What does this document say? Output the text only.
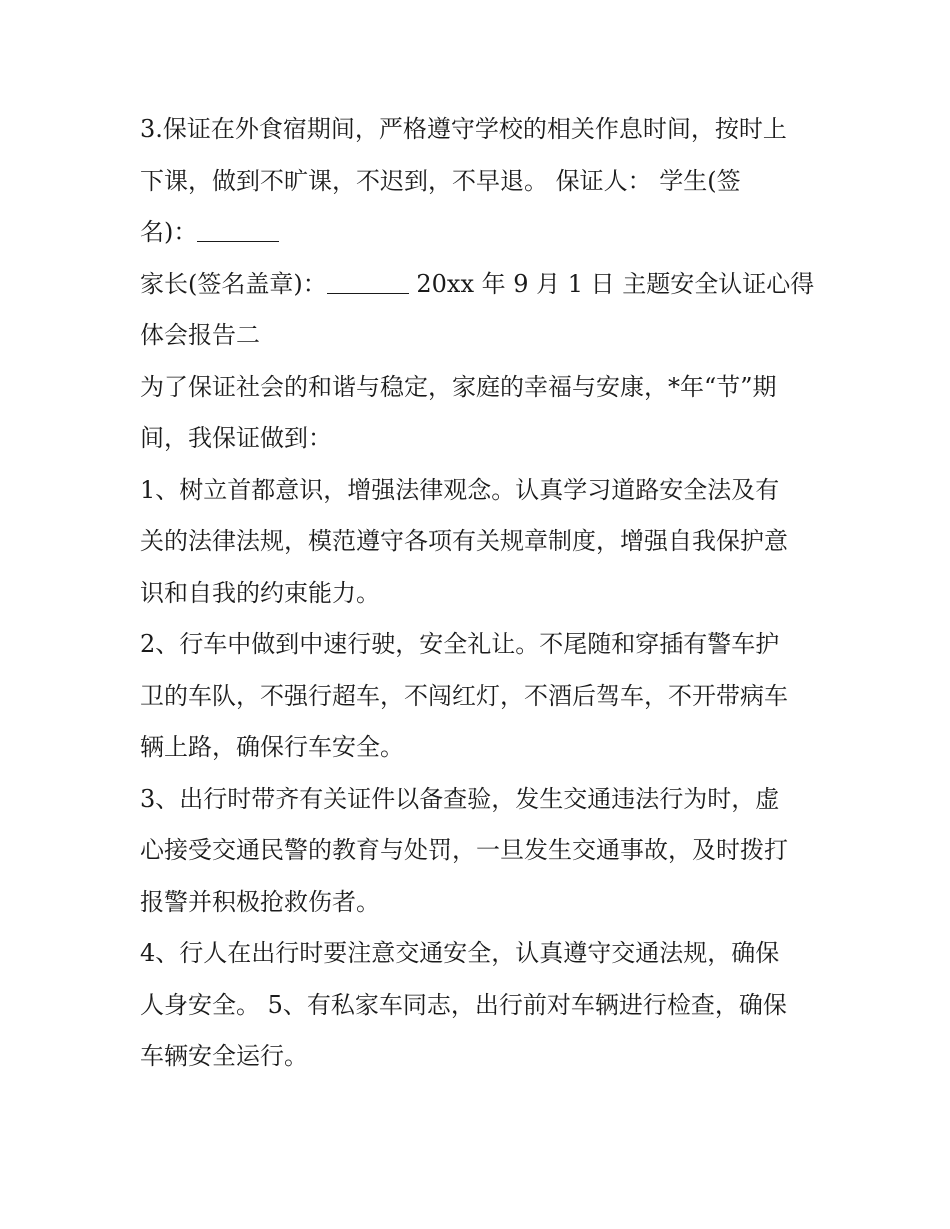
3.保证在外食宿期间，严格遵守学校的相关作息时间，按时上
下课，做到不旷课，不迟到，不早退。 保证人： 学生(签
名)：
家长(签名盖章)：	20xx 年 9 月 1 日 主题安全认证心得
体会报告二
为了保证社会的和谐与稳定，家庭的幸福与安康，*年“节”期
间，我保证做到：
1、树立首都意识，增强法律观念。认真学习道路安全法及有
关的法律法规，模范遵守各项有关规章制度，增强自我保护意
识和自我的约束能力。
2、行车中做到中速行驶，安全礼让。不尾随和穿插有警车护
卫的车队，不强行超车，不闯红灯，不酒后驾车，不开带病车
辆上路，确保行车安全。
3、出行时带齐有关证件以备查验，发生交通违法行为时，虚
心接受交通民警的教育与处罚，一旦发生交通事故，及时拨打
报警并积极抢救伤者。
4、行人在出行时要注意交通安全，认真遵守交通法规，确保
人身安全。 5、有私家车同志，出行前对车辆进行检查，确保
车辆安全运行。
